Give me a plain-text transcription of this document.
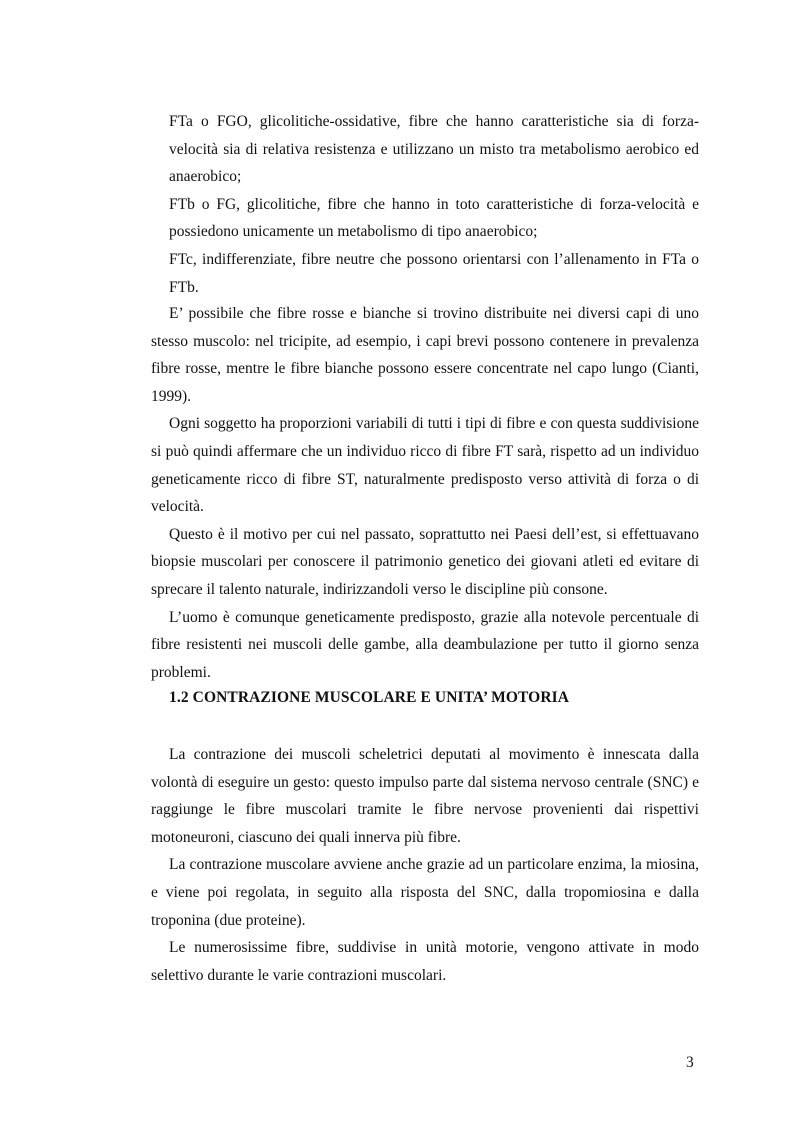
FTa o FGO, glicolitiche-ossidative, fibre che hanno caratteristiche sia di forza-velocità sia di relativa resistenza e utilizzano un misto tra metabolismo aerobico ed anaerobico;

FTb o FG, glicolitiche, fibre che hanno in toto caratteristiche di forza-velocità e possiedono unicamente un metabolismo di tipo anaerobico;

FTc, indifferenziate, fibre neutre che possono orientarsi con l’allenamento in FTa o FTb.

E’ possibile che fibre rosse e bianche si trovino distribuite nei diversi capi di uno stesso muscolo: nel tricipite, ad esempio, i capi brevi possono contenere in prevalenza fibre rosse, mentre le fibre bianche possono essere concentrate nel capo lungo (Cianti, 1999).

Ogni soggetto ha proporzioni variabili di tutti i tipi di fibre e con questa suddivisione si può quindi affermare che un individuo ricco di fibre FT sarà, rispetto ad un individuo geneticamente ricco di fibre ST, naturalmente predisposto verso attività di forza o di velocità.

Questo è il motivo per cui nel passato, soprattutto nei Paesi dell’est, si effettuavano biopsie muscolari per conoscere il patrimonio genetico dei giovani atleti ed evitare di sprecare il talento naturale, indirizzandoli verso le discipline più consone.

L’uomo è comunque geneticamente predisposto, grazie alla notevole percentuale di fibre resistenti nei muscoli delle gambe, alla deambulazione per tutto il giorno senza problemi.

1.2 CONTRAZIONE MUSCOLARE E UNITA’ MOTORIA

La contrazione dei muscoli scheletrici deputati al movimento è innescata dalla volontà di eseguire un gesto: questo impulso parte dal sistema nervoso centrale (SNC) e raggiunge le fibre muscolari tramite le fibre nervose provenienti dai rispettivi motoneuroni, ciascuno dei quali innerva più fibre.

La contrazione muscolare avviene anche grazie ad un particolare enzima, la miosina, e viene poi regolata, in seguito alla risposta del SNC, dalla tropomiosina e dalla troponina (due proteine).

Le numerosissime fibre, suddivise in unità motorie, vengono attivate in modo selettivo durante le varie contrazioni muscolari.

3
